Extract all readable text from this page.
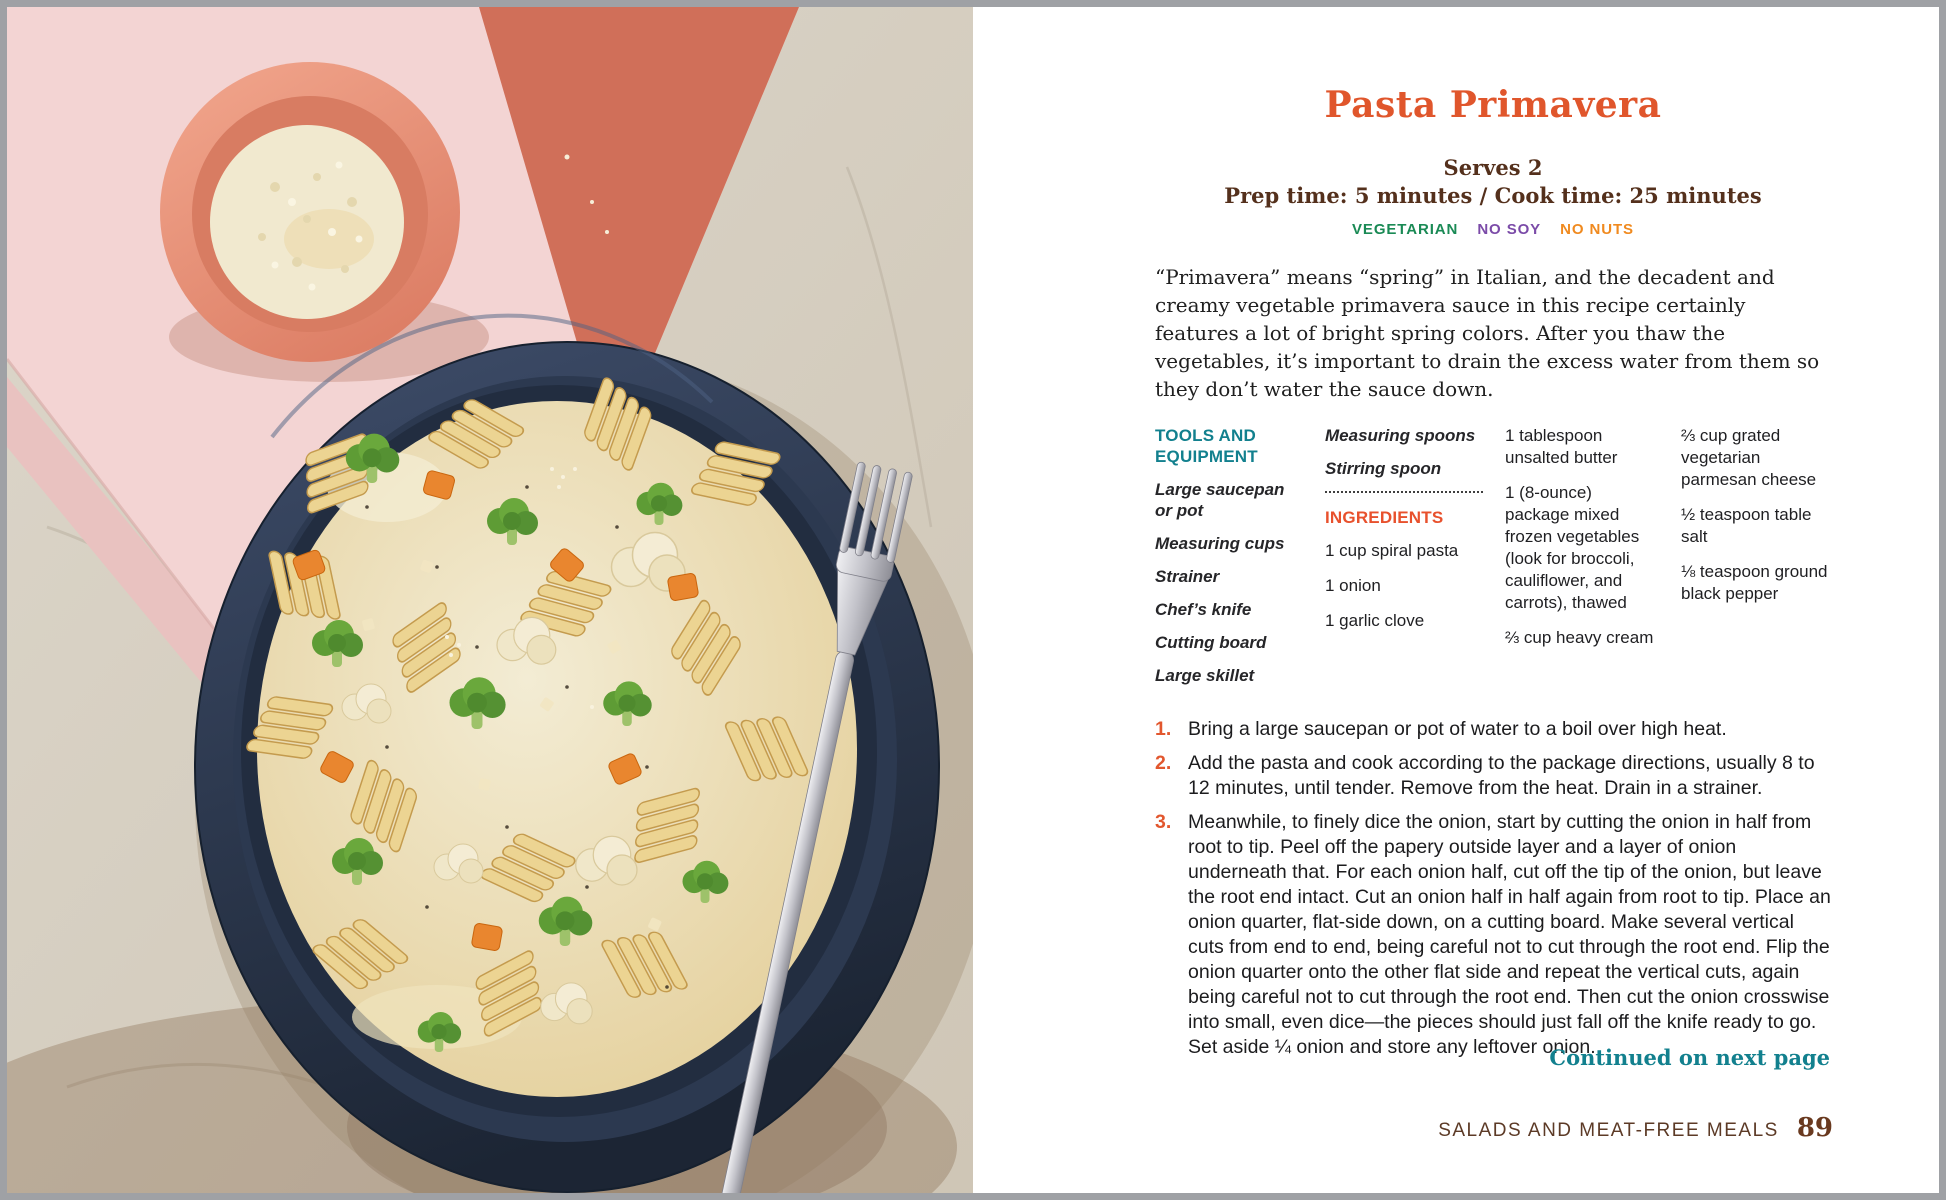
Pasta Primavera
Serves 2
Prep time: 5 minutes / Cook time: 25 minutes
VEGETARIAN NO SOY NO NUTS

“Primavera” means “spring” in Italian, and the decadent and creamy vegetable primavera sauce in this recipe certainly features a lot of bright spring colors. After you thaw the vegetables, it’s important to drain the excess water from them so they don’t water the sauce down.

TOOLS AND EQUIPMENT
Large saucepan or pot
Measuring cups
Strainer
Chef’s knife
Cutting board
Large skillet
Measuring spoons
Stirring spoon
INGREDIENTS
1 cup spiral pasta
1 onion
1 garlic clove
1 tablespoon unsalted butter
1 (8-ounce) package mixed frozen vegetables (look for broccoli, cauliflower, and carrots), thawed
⅔ cup heavy cream
⅔ cup grated vegetarian parmesan cheese
½ teaspoon table salt
⅛ teaspoon ground black pepper
1. Bring a large saucepan or pot of water to a boil over high heat.
2. Add the pasta and cook according to the package directions, usually 8 to 12 minutes, until tender. Remove from the heat. Drain in a strainer.
3. Meanwhile, to finely dice the onion, start by cutting the onion in half from root to tip. Peel off the papery outside layer and a layer of onion underneath that. For each onion half, cut off the tip of the onion, but leave the root end intact. Cut an onion half in half again from root to tip. Place an onion quarter, flat-side down, on a cutting board. Make several vertical cuts from end to end, being careful not to cut through the root end. Flip the onion quarter onto the other flat side and repeat the vertical cuts, again being careful not to cut through the root end. Then cut the onion crosswise into small, even dice—the pieces should just fall off the knife ready to go. Set aside ¼ onion and store any leftover onion.
Continued on next page
SALADS AND MEAT-FREE MEALS 89
